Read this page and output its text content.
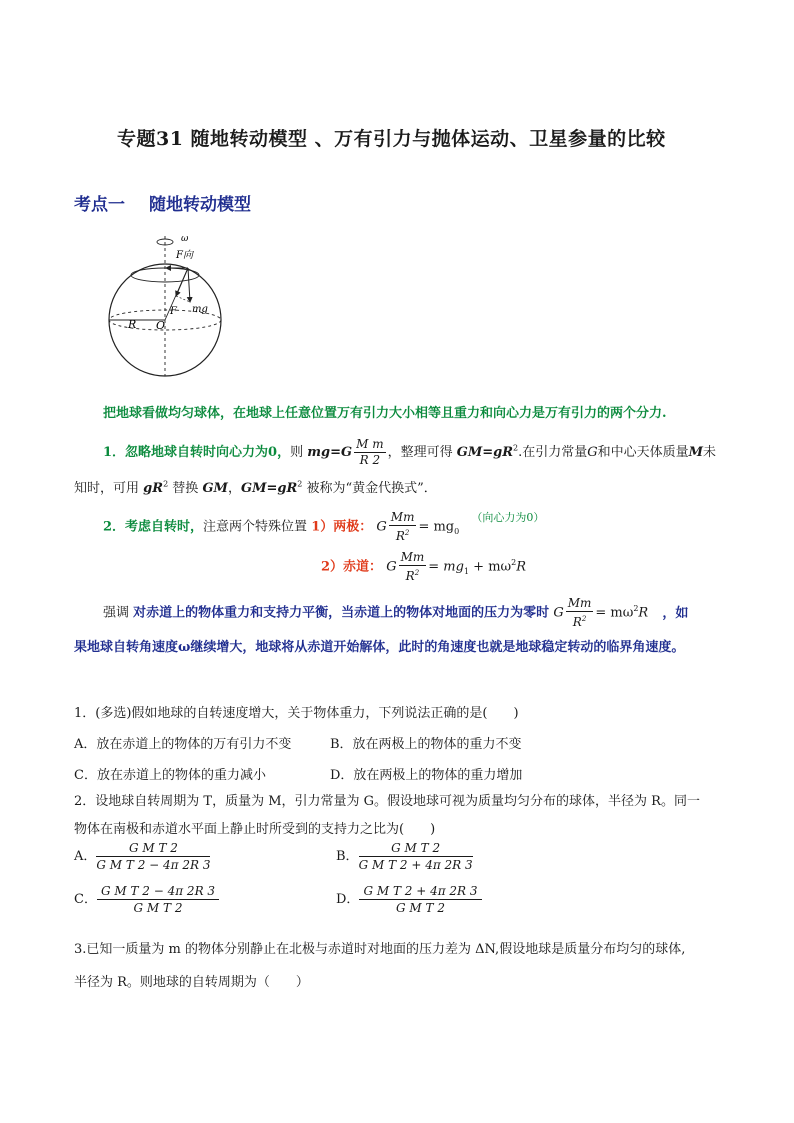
专题31 随地转动模型 、万有引力与抛体运动、卫星参量的比较
考点一 随地转动模型
ω
F向
F mg
R O
把地球看做均匀球体，在地球上任意位置万有引力大小相等且重力和向心力是万有引力的两个分力.
1．忽略地球自转时向心力为0，则 $mg=G \frac{\text{M m}}{R 2}$ ，整理可得 $GM=gR^2$.在引力常量G和中心天体质量M未
知时，可用 $gR^2$ 替换 GM，$GM=gR^2$ 被称为“黄金代换式”．
2．考虑自转时，注意两个特殊位置 1）两极： G $\frac{Mm}{R^2} = mg_0$ $^{(向心力为0)}$
2）赤道： G $\frac{Mm}{R^2} = mg_1 + m\omega^2R$
强调 对赤道上的物体重力和支持力平衡，当赤道上的物体对地面的压力为零时 G $\frac{Mm}{R^2} = m\omega^2R$ ，如
果地球自转角速度ω继续增大，地球将从赤道开始解体，此时的角速度也就是地球稳定转动的临界角速度。
1．(多选)假如地球的自转速度增大，关于物体重力，下列说法正确的是(　　)
A．放在赤道上的物体的万有引力不变	B．放在两极上的物体的重力不变
C．放在赤道上的物体的重力减小	D．放在两极上的物体的重力增加
2．设地球自转周期为 T，质量为 M，引力常量为 G。假设地球可视为质量均匀分布的球体，半径为 R。同一
物体在南极和赤道水平面上静止时所受到的支持力之比为(　　)
A． $\frac{\text{G M T 2}}{\text{G M T 2 − 4π 2R 3}}$	B． $\frac{\text{G M T 2}}{\text{G M T 2 + 4π 2R 3}}$
C． $\frac{\text{G M T 2 − 4π 2R 3}}{\text{G M T 2}}$	D． $\frac{\text{G M T 2 + 4π 2R 3}}{\text{G M T 2}}$
3.已知一质量为 m 的物体分别静止在北极与赤道时对地面的压力差为 ΔN,假设地球是质量分布均匀的球体,
半径为 R。则地球的自转周期为（　　）
